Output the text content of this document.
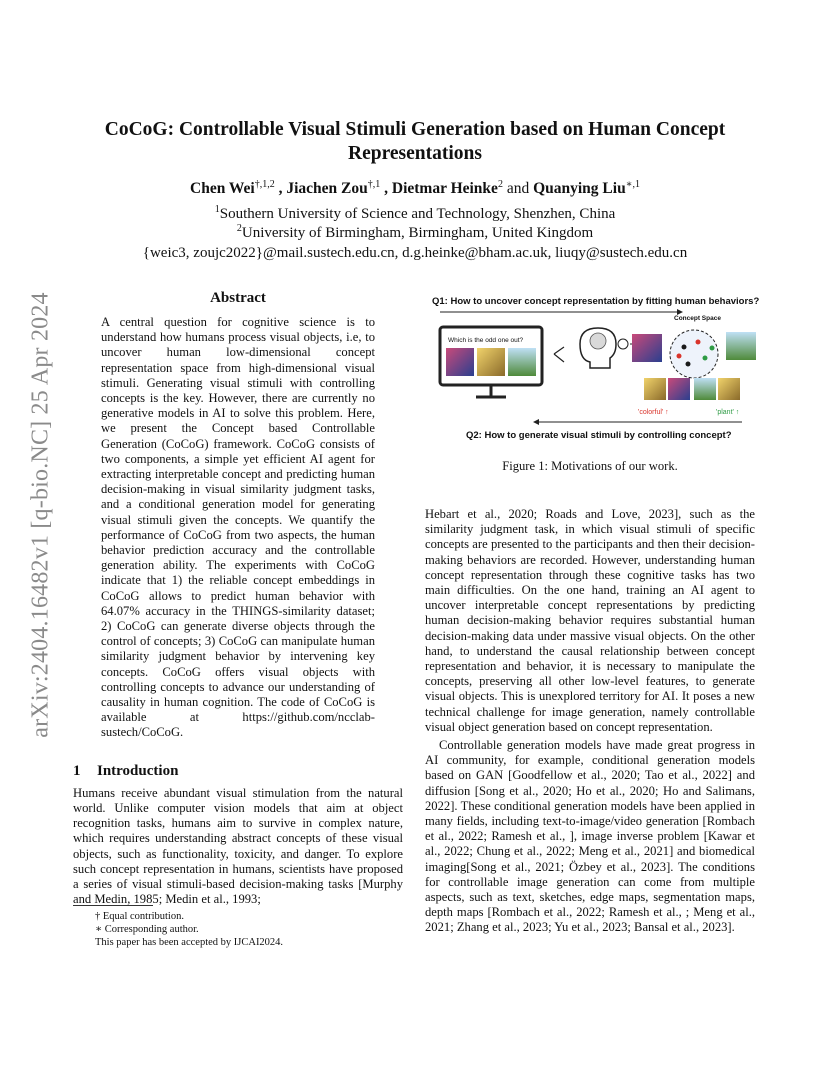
arXiv:2404.16482v1 [q-bio.NC] 25 Apr 2024
CoCoG: Controllable Visual Stimuli Generation based on Human Concept Representations
Chen Wei$^{\dagger,1,2}$ , Jiachen Zou$^{\dagger,1}$ , Dietmar Heinke$^2$ and Quanying Liu$^{∗,1}$
$^1$Southern University of Science and Technology, Shenzhen, China
$^2$University of Birmingham, Birmingham, United Kingdom
{weic3, zoujc2022}@mail.sustech.edu.cn, d.g.heinke@bham.ac.uk, liuqy@sustech.edu.cn
Abstract

A central question for cognitive science is to understand how humans process visual objects, i.e, to uncover human low-dimensional concept representation space from high-dimensional visual stimuli. Generating visual stimuli with controlling concepts is the key. However, there are currently no generative models in AI to solve this problem. Here, we present the Concept based Controllable Generation (CoCoG) framework. CoCoG consists of two components, a simple yet efficient AI agent for extracting interpretable concept and predicting human decision-making in visual similarity judgment tasks, and a conditional generation model for generating visual stimuli given the concepts. We quantify the performance of CoCoG from two aspects, the human behavior prediction accuracy and the controllable generation ability. The experiments with CoCoG indicate that 1) the reliable concept embeddings in CoCoG allows to predict human behavior with 64.07% accuracy in the THINGS-similarity dataset; 2) CoCoG can generate diverse objects through the control of concepts; 3) CoCoG can manipulate human similarity judgment behavior by intervening key concepts. CoCoG offers visual objects with controlling concepts to advance our understanding of causality in human cognition. The code of CoCoG is available at https://github.com/ncclab-sustech/CoCoG.

1 Introduction

Humans receive abundant visual stimulation from the natural world. Unlike computer vision models that aim at object recognition tasks, humans aim to survive in complex nature, which requires understanding abstract concepts of these visual objects, such as functionality, toxicity, and danger. To explore such concept representation in humans, scientists have proposed a series of visual stimuli-based decision-making tasks [Murphy and Medin, 1985; Medin et al., 1993;

† Equal contribution.
∗ Corresponding author.
This paper has been accepted by IJCAI2024.
Q1: How to uncover concept representation by fitting human behaviors?
Concept Space
Which is the odd one out?
'colorful' ↑	'plant' ↑
Q2: How to generate visual stimuli by controlling concept?
Figure 1: Motivations of our work.

Hebart et al., 2020; Roads and Love, 2023], such as the similarity judgment task, in which visual stimuli of specific concepts are presented to the participants and then their decision-making behaviors are recorded. However, understanding human concept representation through these cognitive tasks has two main difficulties. On the one hand, training an AI agent to uncover interpretable concept representations by predicting human decision-making behavior requires substantial human decision-making data under massive visual objects. On the other hand, to understand the causal relationship between concept representation and behavior, it is necessary to manipulate the concepts, preserving all other low-level features, to generate visual objects. This is unexplored territory for AI. It poses a new technical challenge for image generation, namely controllable visual object generation based on concept representation.

Controllable generation models have made great progress in AI community, for example, conditional generation models based on GAN [Goodfellow et al., 2020; Tao et al., 2022] and diffusion [Song et al., 2020; Ho et al., 2020; Ho and Salimans, 2022]. These conditional generation models have been applied in many fields, including text-to-image/video generation [Rombach et al., 2022; Ramesh et al., ], image inverse problem [Kawar et al., 2022; Chung et al., 2022; Meng et al., 2021] and biomedical imaging[Song et al., 2021; Özbey et al., 2023]. The conditions for controllable image generation can come from multiple aspects, such as text, sketches, edge maps, segmentation maps, depth maps [Rombach et al., 2022; Ramesh et al., ; Meng et al., 2021; Zhang et al., 2023; Yu et al., 2023; Bansal et al., 2023].
